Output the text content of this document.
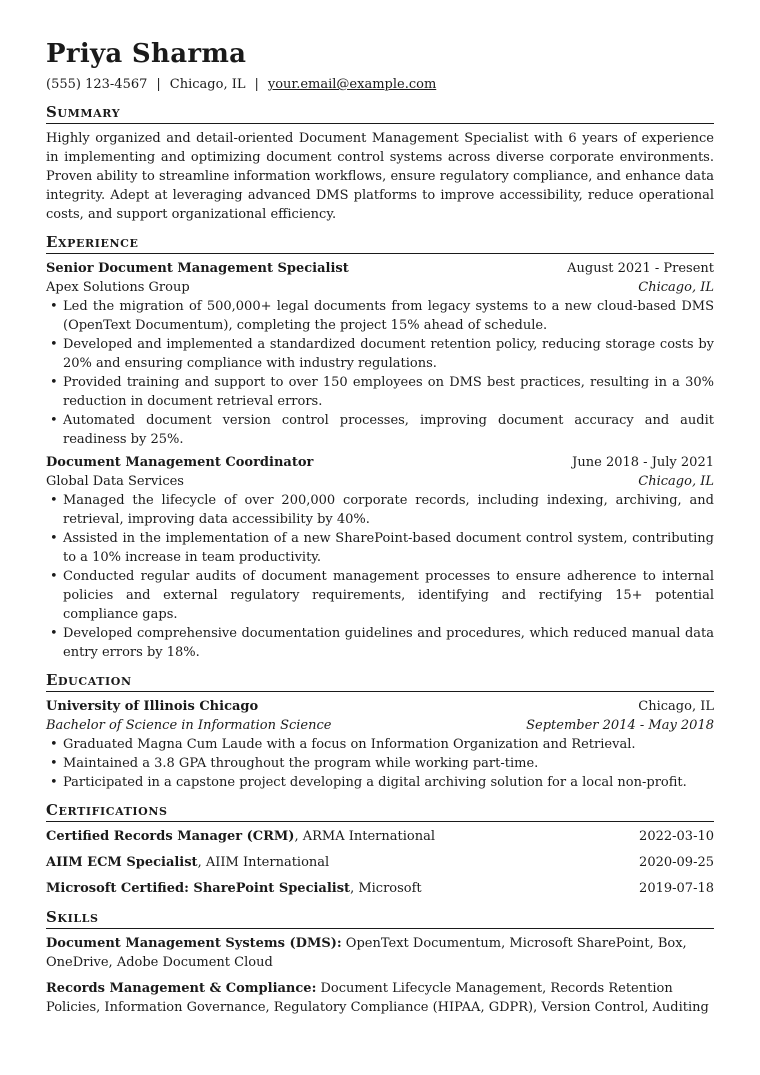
Priya Sharma
(555) 123-4567 | Chicago, IL | your.email@example.com
Summary

Highly organized and detail-oriented Document Management Specialist with 6 years of experience in implementing and optimizing document control systems across diverse corporate environments. Proven ability to streamline information workflows, ensure regulatory compliance, and enhance data integrity. Adept at leveraging advanced DMS platforms to improve accessibility, reduce operational costs, and support organizational efficiency.

Experience
Senior Document Management Specialist	August 2021 - Present
Apex Solutions Group	Chicago, IL
• Led the migration of 500,000+ legal documents from legacy systems to a new cloud-based DMS (OpenText Documentum), completing the project 15% ahead of schedule.
• Developed and implemented a standardized document retention policy, reducing storage costs by 20% and ensuring compliance with industry regulations.
• Provided training and support to over 150 employees on DMS best practices, resulting in a 30% reduction in document retrieval errors.
• Automated document version control processes, improving document accuracy and audit readiness by 25%.
Document Management Coordinator	June 2018 - July 2021
Global Data Services	Chicago, IL
• Managed the lifecycle of over 200,000 corporate records, including indexing, archiving, and retrieval, improving data accessibility by 40%.
• Assisted in the implementation of a new SharePoint-based document control system, contributing to a 10% increase in team productivity.
• Conducted regular audits of document management processes to ensure adherence to internal policies and external regulatory requirements, identifying and rectifying 15+ potential compliance gaps.
• Developed comprehensive documentation guidelines and procedures, which reduced manual data entry errors by 18%.
Education
University of Illinois Chicago	Chicago, IL
Bachelor of Science in Information Science	September 2014 - May 2018
• Graduated Magna Cum Laude with a focus on Information Organization and Retrieval.
• Maintained a 3.8 GPA throughout the program while working part-time.
• Participated in a capstone project developing a digital archiving solution for a local non-profit.
Certifications
Certified Records Manager (CRM), ARMA International	2022-03-10
AIIM ECM Specialist, AIIM International	2020-09-25
Microsoft Certified: SharePoint Specialist, Microsoft	2019-07-18
Skills
Document Management Systems (DMS): OpenText Documentum, Microsoft SharePoint, Box, OneDrive, Adobe Document Cloud
Records Management & Compliance: Document Lifecycle Management, Records Retention Policies, Information Governance, Regulatory Compliance (HIPAA, GDPR), Version Control, Auditing
